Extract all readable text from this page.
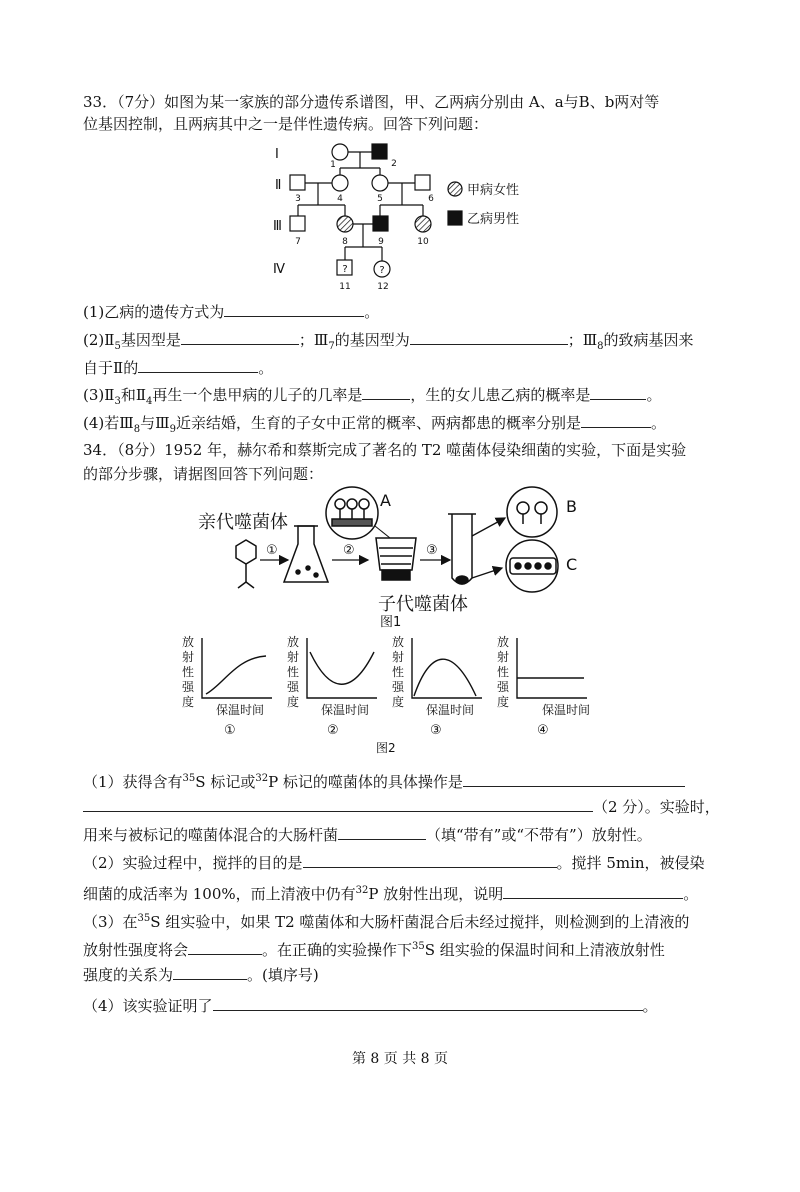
33．（7分）如图为某一家族的部分遗传系谱图，甲、乙两病分别由 A、a与B、b两对等
位基因控制，且两病其中之一是伴性遗传病。回答下列问题：
Ⅰ
Ⅱ
Ⅲ
Ⅳ
1	2
3	4	5	6
7	8	9	10
11	12
?	?
甲病女性
乙病男性
(1)乙病的遗传方式为	。
$(2)Ⅱ_5$基因型是	；$Ⅲ_7$的基因型为	；$Ⅲ_8$的致病基因来
自于Ⅱ的	。
$(3)Ⅱ_3$和$Ⅱ_4$再生一个患甲病的儿子的几率是	，生的女儿患乙病的概率是	。
(4)若$Ⅲ_8$与$Ⅲ_9$近亲结婚，生育的子女中正常的概率、两病都患的概率分别是	。
34．（8分）1952 年，赫尔希和蔡斯完成了著名的 T2 噬菌体侵染细菌的实验，下面是实验
的部分步骤，请据图回答下列问题：
亲代噬菌体
①	②
A
③
B
C
子代噬菌体
图1
放
射
性
强
度
放
射
性
强
度
放
射
性
强
度
放
射
性
强
度
保温时间	保温时间	保温时间	保温时间
①	②	③	④
图2
（1）获得含有$^{35}$S 标记或$^{32}$P 标记的噬菌体的具体操作是
（2 分）。实验时，
用来与被标记的噬菌体混合的大肠杆菌	（填“带有”或“不带有”）放射性。
（2）实验过程中，搅拌的目的是	。搅拌 5min，被侵染
细菌的成活率为 100%，而上清液中仍有$^{32}$P 放射性出现，说明	。
（3）在$^{35}$S 组实验中，如果 T2 噬菌体和大肠杆菌混合后未经过搅拌，则检测到的上清液的
放射性强度将会	。在正确的实验操作下$^{35}$S 组实验的保温时间和上清液放射性
强度的关系为	。(填序号)
（4）该实验证明了	。
第 8 页 共 8 页
